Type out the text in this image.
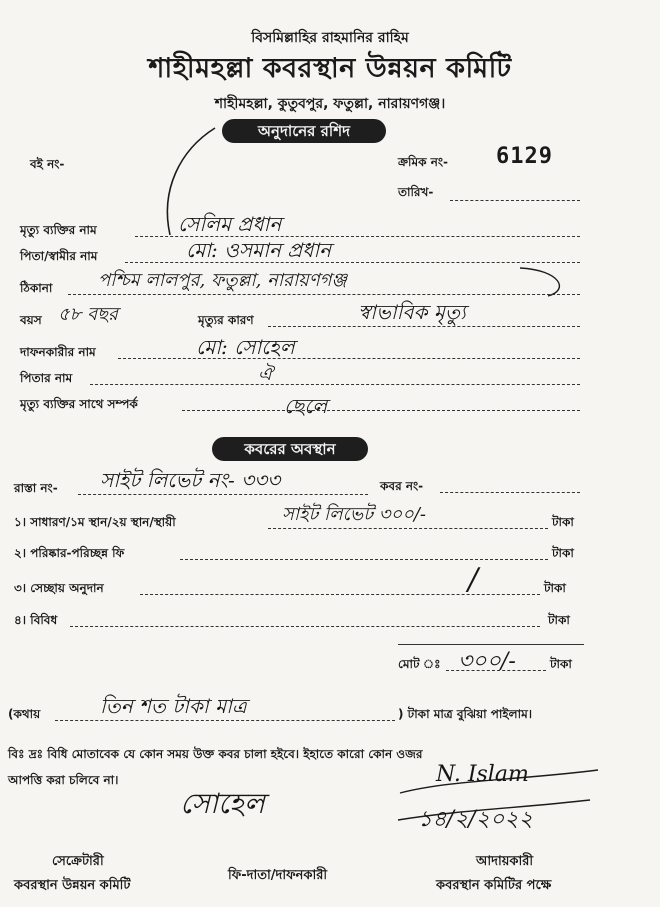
বিসমিল্লাহির রাহমানির রাহিম
শাহীমহল্লা কবরস্থান উন্নয়ন কমিটি
শাহীমহল্লা, কুতুবপুর, ফতুল্লা, নারায়ণগঞ্জ।
অনুদানের রশিদ
বই নং-	ক্রমিক নং- 6129
তারিখ-
মৃত্যু ব্যক্তির নাম	সেলিম প্রধান
পিতা/স্বামীর নাম	মো: ওসমান প্রধান
ঠিকানা	পশ্চিম লালপুর, ফতুল্লা, নারায়ণগঞ্জ
বয়স ৫৮ বছর	মৃত্যুর কারণ	স্বাভাবিক মৃত্যু
দাফনকারীর নাম	মো: সোহেল
পিতার নাম	ঐ
মৃত্যু ব্যক্তির সাথে সম্পর্ক	ছেলে
কবরের অবস্থান
রাস্তা নং- সাইট লিভেট নং- ৩৩৩	কবর নং-
১। সাধারণ/১ম স্থান/২য় স্থান/স্থায়ী	সাইট লিভেট ৩০০/-	টাকা
২। পরিষ্কার-পরিচ্ছন্ন ফি	টাকা
৩। সেচ্ছায় অনুদান	/	টাকা
৪। বিবিধ	টাকা
মোট ঃ ৩০০/-	টাকা
(কথায়	তিন শত টাকা মাত্র	) টাকা মাত্র বুঝিয়া পাইলাম।
বিঃ দ্রঃ বিধি মোতাবেক যে কোন সময় উক্ত কবর চালা হইবে। ইহাতে কারো কোন ওজর
আপত্তি করা চলিবে না।
সোহেল
N. Islam
১৪/২/২০২২
সেক্রেটারী
কবরস্থান উন্নয়ন কমিটি
ফি-দাতা/দাফনকারী
আদায়কারী
কবরস্থান কমিটির পক্ষে
